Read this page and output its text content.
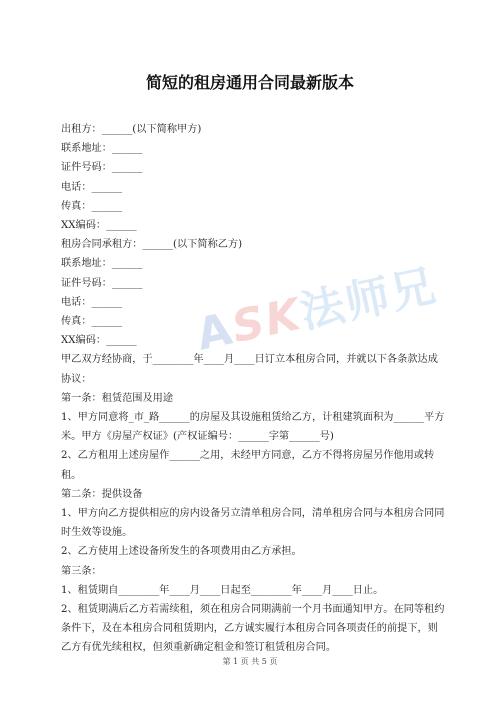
简短的租房通用合同最新版本
出租方：______(以下简称甲方)
联系地址：______
证件号码：______
电话：______
传真：______
XX编码：______
租房合同承租方：______(以下简称乙方)
联系地址：______
证件号码：______
电话：______
传真：______
XX编码：______
甲乙双方经协商，于________年____月____日订立本租房合同，并就以下各条款达成协议：
第一条：租赁范围及用途
1、甲方同意将_市_路______的房屋及其设施租赁给乙方，计租建筑面积为______平方米。甲方《房屋产权证》(产权证编号：______字第______号)
2、乙方租用上述房屋作______之用，未经甲方同意，乙方不得将房屋另作他用或转租。
第二条：提供设备
1、甲方向乙方提供相应的房内设备另立清单租房合同，清单租房合同与本租房合同同时生效等设施。
2、乙方使用上述设备所发生的各项费用由乙方承担。
第三条：
1、租赁期自________年____月____日起至________年____月____日止。
2、租赁期满后乙方若需续租，须在租房合同期满前一个月书面通知甲方。在同等租约条件下，及在本租房合同租赁期内，乙方诚实履行本租房合同各项责任的前提下，则乙方有优先续租权，但须重新确定租金和签订租赁租房合同。
ASK法师兄
第 1 页 共 5 页
